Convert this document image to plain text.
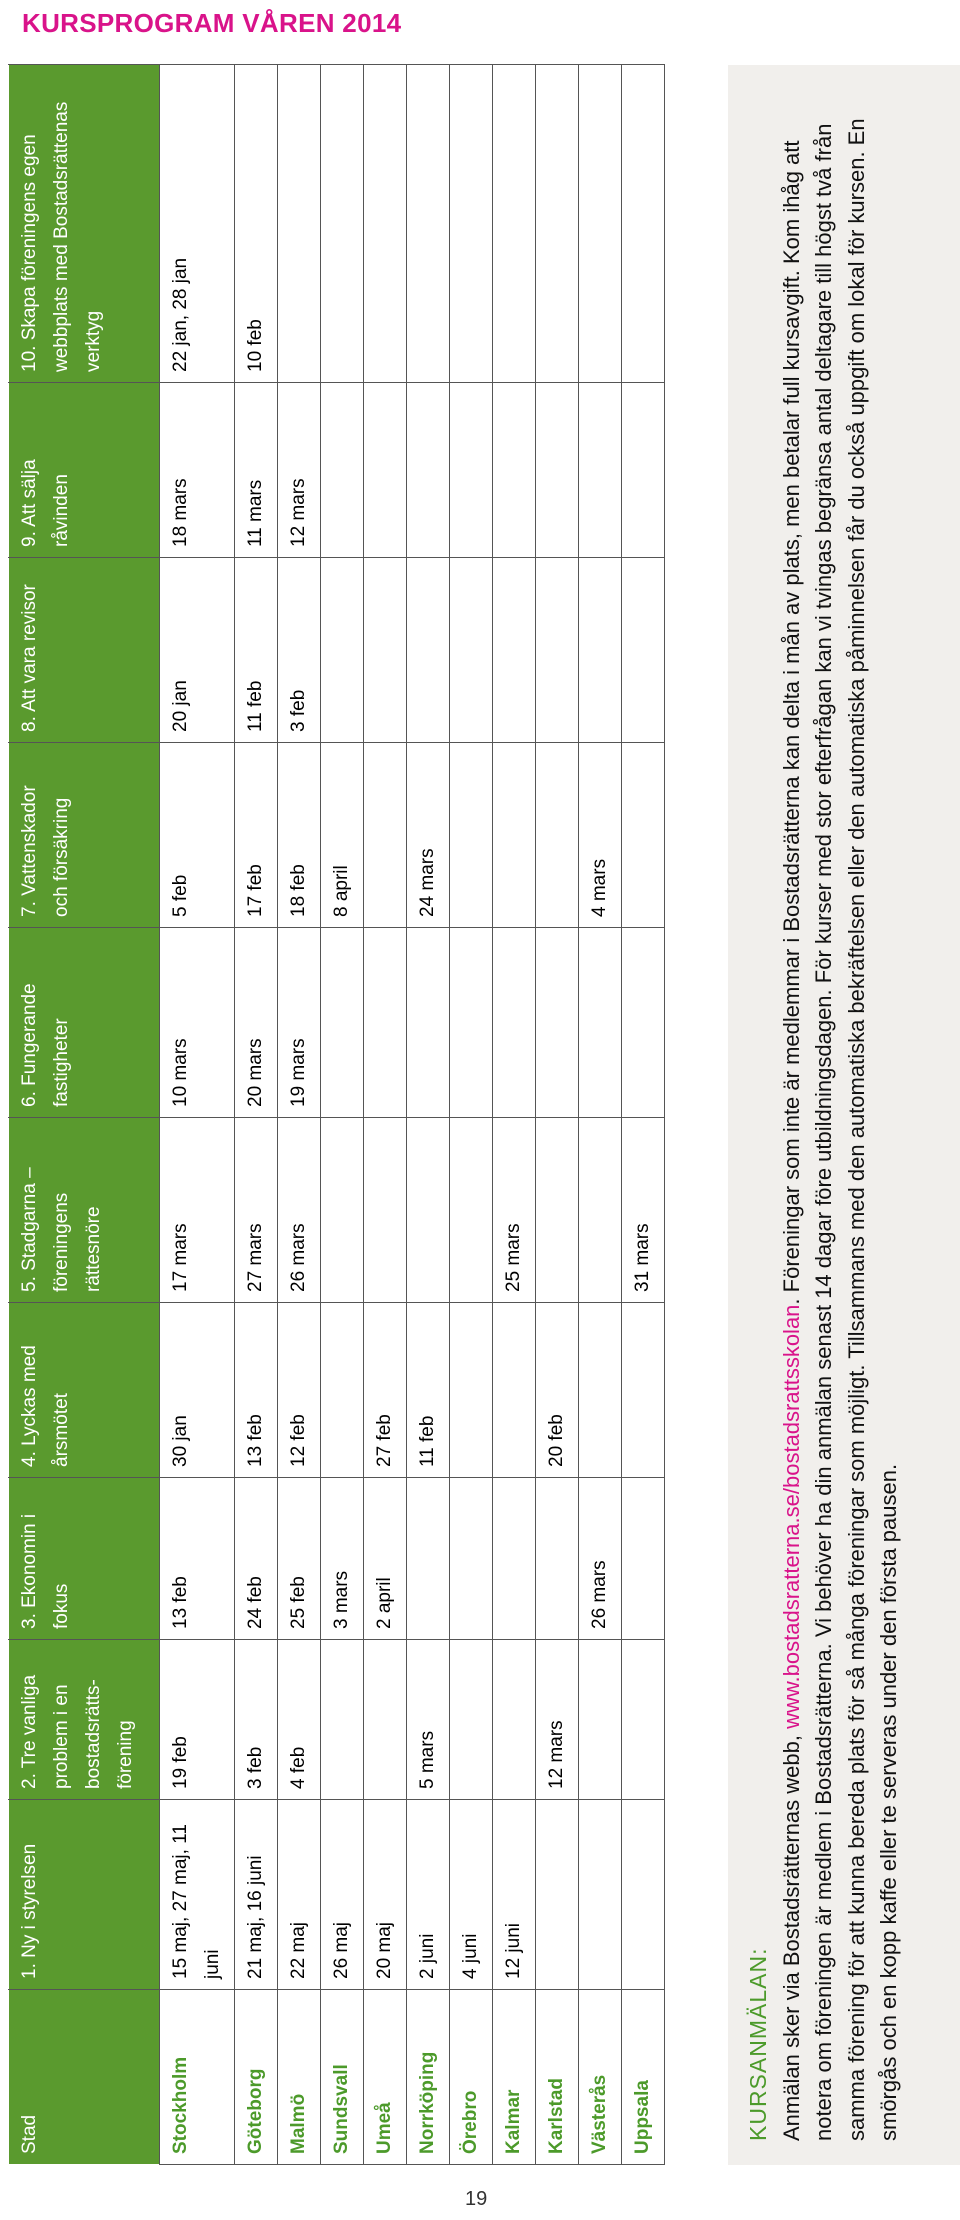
KURSPROGRAM VÅREN 2014
Stad	1. Ny i styrelsen	2. Tre vanliga problem i en bostadsrätts-förening	3. Ekonomin i fokus	4. Lyckas med årsmötet	5. Stadgarna – föreningens rättesnöre	6. Fungerande fastigheter	7. Vattenskador och försäkring	8. Att vara revisor	9. Att sälja råvinden	10. Skapa föreningens egen webbplats med Bostadsrättenas verktyg
Stockholm	15 maj, 27 maj, 11 juni	19 feb	13 feb	30 jan	17 mars	10 mars	5 feb	20 jan	18 mars	22 jan, 28 jan
Göteborg	21 maj, 16 juni	3 feb	24 feb	13 feb	27 mars	20 mars	17 feb	11 feb	11 mars	10 feb
Malmö	22 maj	4 feb	25 feb	12 feb	26 mars	19 mars	18 feb	3 feb	12 mars	
Sundsvall	26 maj		3 mars				8 april			
Umeå	20 maj		2 april	27 feb						
Norrköping	2 juni	5 mars		11 feb			24 mars			
Örebro	4 juni									
Kalmar	12 juni				25 mars					
Karlstad		12 mars		20 feb						
Västerås			26 mars				4 mars			
Uppsala					31 mars					
KURSANMÄLAN: Anmälan sker via Bostadsrätternas webb, www.bostadsratterna.se/bostadsrattsskolan. Föreningar som inte är medlemmar i Bostadsrätterna kan delta i mån av plats, men betalar full kursavgift. Kom ihåg att notera om föreningen är medlem i Bostadsrätterna. Vi behöver ha din anmälan senast 14 dagar före utbildningsdagen. För kurser med stor efterfrågan kan vi tvingas begränsa antal deltagare till högst två från samma förening för att kunna bereda plats för så många föreningar som möjligt. Tillsammans med den automatiska bekräftelsen eller den automatiska påminnelsen får du också uppgift om lokal för kursen. En smörgås och en kopp kaffe eller te serveras under den första pausen.
19
